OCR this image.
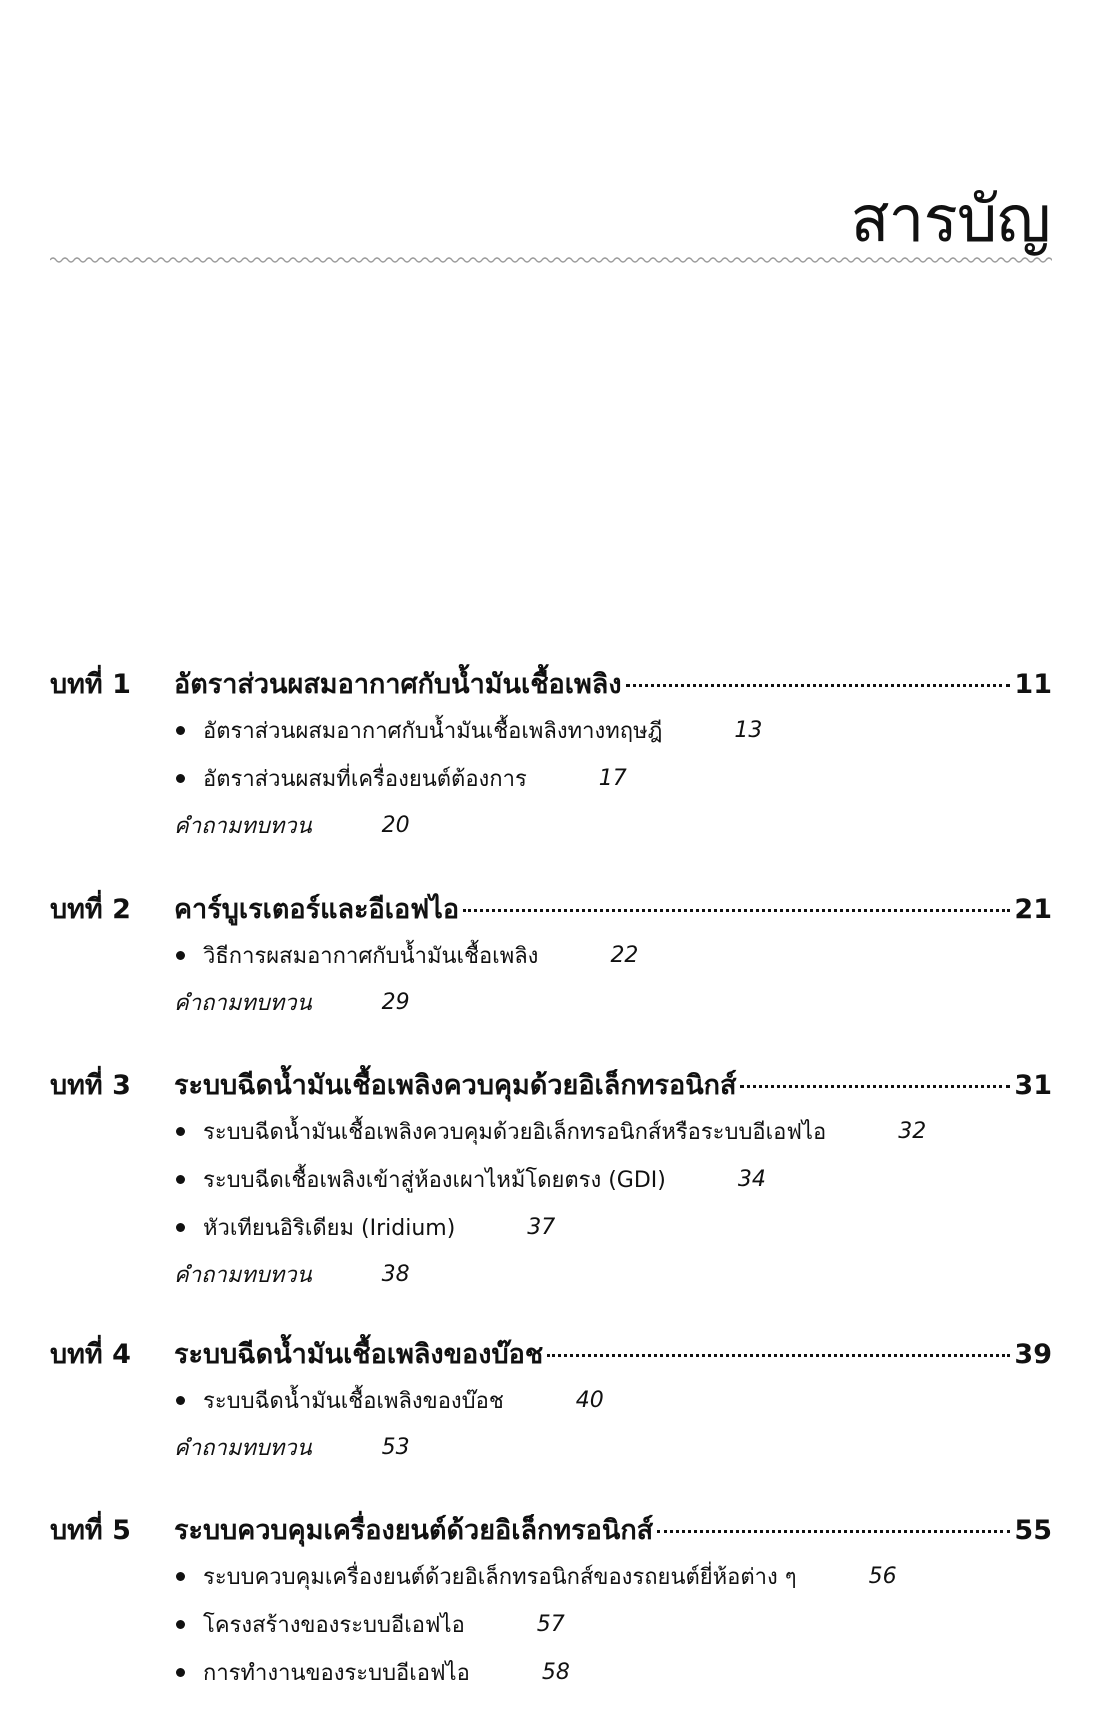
สารบัญ
บทที่ 1	อัตราส่วนผสมอากาศกับน้ำมันเชื้อเพลิง	11
อัตราส่วนผสมอากาศกับน้ำมันเชื้อเพลิงทางทฤษฎี	13
อัตราส่วนผสมที่เครื่องยนต์ต้องการ	17
คำถามทบทวน	20
บทที่ 2	คาร์บูเรเตอร์และอีเอฟไอ	21
วิธีการผสมอากาศกับน้ำมันเชื้อเพลิง	22
คำถามทบทวน	29
บทที่ 3	ระบบฉีดน้ำมันเชื้อเพลิงควบคุมด้วยอิเล็กทรอนิกส์	31
ระบบฉีดน้ำมันเชื้อเพลิงควบคุมด้วยอิเล็กทรอนิกส์หรือระบบอีเอฟไอ	32
ระบบฉีดเชื้อเพลิงเข้าสู่ห้องเผาไหม้โดยตรง (GDI)	34
หัวเทียนอิริเดียม (Iridium)	37
คำถามทบทวน	38
บทที่ 4	ระบบฉีดน้ำมันเชื้อเพลิงของบ๊อช	39
ระบบฉีดน้ำมันเชื้อเพลิงของบ๊อช	40
คำถามทบทวน	53
บทที่ 5	ระบบควบคุมเครื่องยนต์ด้วยอิเล็กทรอนิกส์	55
ระบบควบคุมเครื่องยนต์ด้วยอิเล็กทรอนิกส์ของรถยนต์ยี่ห้อต่าง ๆ	56
โครงสร้างของระบบอีเอฟไอ	57
การทำงานของระบบอีเอฟไอ	58
